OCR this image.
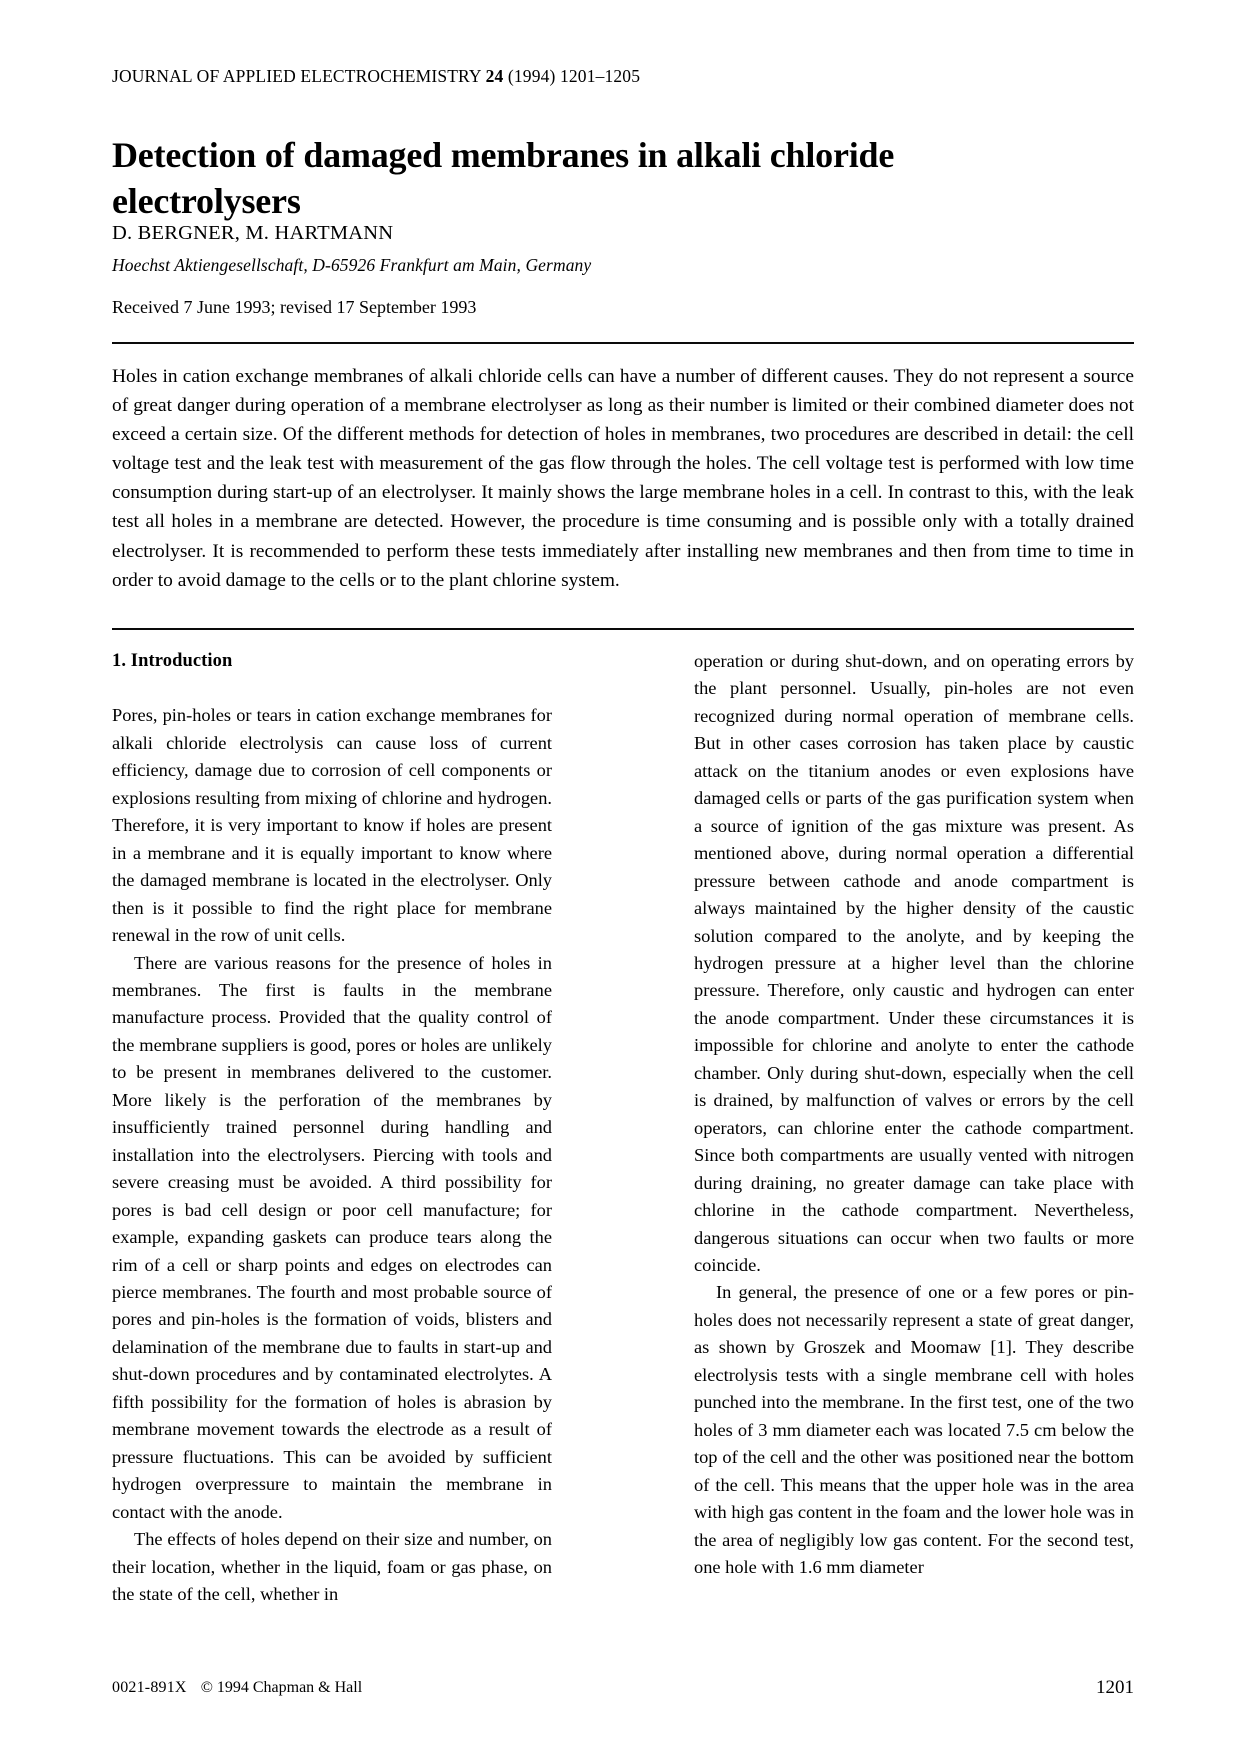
JOURNAL OF APPLIED ELECTROCHEMISTRY 24 (1994) 1201–1205
Detection of damaged membranes in alkali chloride electrolysers
D. BERGNER, M. HARTMANN
Hoechst Aktiengesellschaft, D-65926 Frankfurt am Main, Germany
Received 7 June 1993; revised 17 September 1993
Holes in cation exchange membranes of alkali chloride cells can have a number of different causes. They do not represent a source of great danger during operation of a membrane electrolyser as long as their number is limited or their combined diameter does not exceed a certain size. Of the different methods for detection of holes in membranes, two procedures are described in detail: the cell voltage test and the leak test with measurement of the gas flow through the holes. The cell voltage test is performed with low time consumption during start-up of an electrolyser. It mainly shows the large membrane holes in a cell. In contrast to this, with the leak test all holes in a membrane are detected. However, the procedure is time consuming and is possible only with a totally drained electrolyser. It is recommended to perform these tests immediately after installing new membranes and then from time to time in order to avoid damage to the cells or to the plant chlorine system.
1. Introduction

Pores, pin-holes or tears in cation exchange membranes for alkali chloride electrolysis can cause loss of current efficiency, damage due to corrosion of cell components or explosions resulting from mixing of chlorine and hydrogen. Therefore, it is very important to know if holes are present in a membrane and it is equally important to know where the damaged membrane is located in the electrolyser. Only then is it possible to find the right place for membrane renewal in the row of unit cells.

There are various reasons for the presence of holes in membranes. The first is faults in the membrane manufacture process. Provided that the quality control of the membrane suppliers is good, pores or holes are unlikely to be present in membranes delivered to the customer. More likely is the perforation of the membranes by insufficiently trained personnel during handling and installation into the electrolysers. Piercing with tools and severe creasing must be avoided. A third possibility for pores is bad cell design or poor cell manufacture; for example, expanding gaskets can produce tears along the rim of a cell or sharp points and edges on electrodes can pierce membranes. The fourth and most probable source of pores and pin-holes is the formation of voids, blisters and delamination of the membrane due to faults in start-up and shut-down procedures and by contaminated electrolytes. A fifth possibility for the formation of holes is abrasion by membrane movement towards the electrode as a result of pressure fluctuations. This can be avoided by sufficient hydrogen overpressure to maintain the membrane in contact with the anode.

The effects of holes depend on their size and number, on their location, whether in the liquid, foam or gas phase, on the state of the cell, whether in

operation or during shut-down, and on operating errors by the plant personnel. Usually, pin-holes are not even recognized during normal operation of membrane cells. But in other cases corrosion has taken place by caustic attack on the titanium anodes or even explosions have damaged cells or parts of the gas purification system when a source of ignition of the gas mixture was present. As mentioned above, during normal operation a differential pressure between cathode and anode compartment is always maintained by the higher density of the caustic solution compared to the anolyte, and by keeping the hydrogen pressure at a higher level than the chlorine pressure. Therefore, only caustic and hydrogen can enter the anode compartment. Under these circumstances it is impossible for chlorine and anolyte to enter the cathode chamber. Only during shut-down, especially when the cell is drained, by malfunction of valves or errors by the cell operators, can chlorine enter the cathode compartment. Since both compartments are usually vented with nitrogen during draining, no greater damage can take place with chlorine in the cathode compartment. Nevertheless, dangerous situations can occur when two faults or more coincide.

In general, the presence of one or a few pores or pin-holes does not necessarily represent a state of great danger, as shown by Groszek and Moomaw [1]. They describe electrolysis tests with a single membrane cell with holes punched into the membrane. In the first test, one of the two holes of 3 mm diameter each was located 7.5 cm below the top of the cell and the other was positioned near the bottom of the cell. This means that the upper hole was in the area with high gas content in the foam and the lower hole was in the area of negligibly low gas content. For the second test, one hole with 1.6 mm diameter

0021-891X © 1994 Chapman & Hall	1201
